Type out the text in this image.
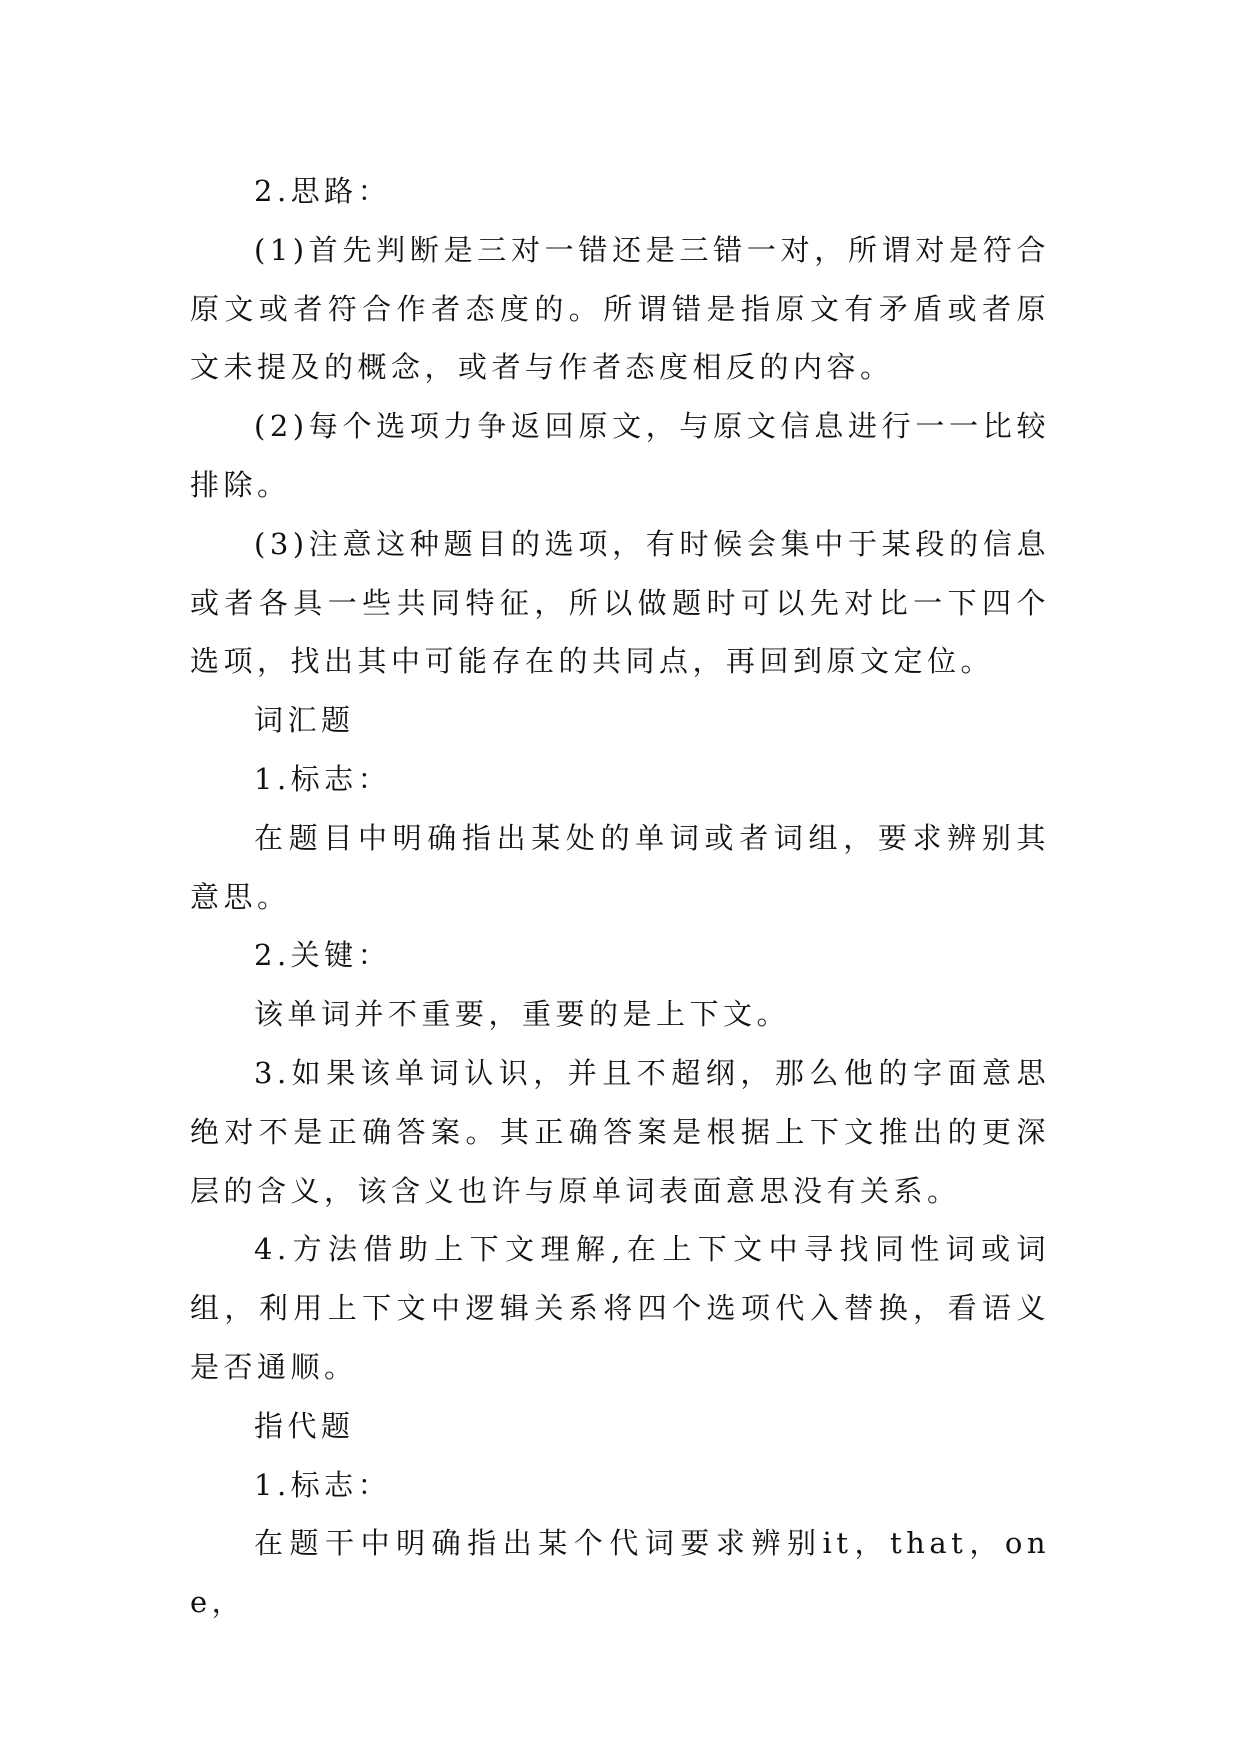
2.思路：

(1)首先判断是三对一错还是三错一对，所谓对是符合原文或者符合作者态度的。所谓错是指原文有矛盾或者原文未提及的概念，或者与作者态度相反的内容。

(2)每个选项力争返回原文，与原文信息进行一一比较排除。

(3)注意这种题目的选项，有时候会集中于某段的信息或者各具一些共同特征，所以做题时可以先对比一下四个选项，找出其中可能存在的共同点，再回到原文定位。

词汇题

1.标志：

在题目中明确指出某处的单词或者词组，要求辨别其意思。

2.关键：

该单词并不重要，重要的是上下文。

3.如果该单词认识，并且不超纲，那么他的字面意思绝对不是正确答案。其正确答案是根据上下文推出的更深层的含义，该含义也许与原单词表面意思没有关系。

4.方法借助上下文理解,在上下文中寻找同性词或词组，利用上下文中逻辑关系将四个选项代入替换，看语义是否通顺。

指代题

1.标志：

在题干中明确指出某个代词要求辨别it，that，one，
